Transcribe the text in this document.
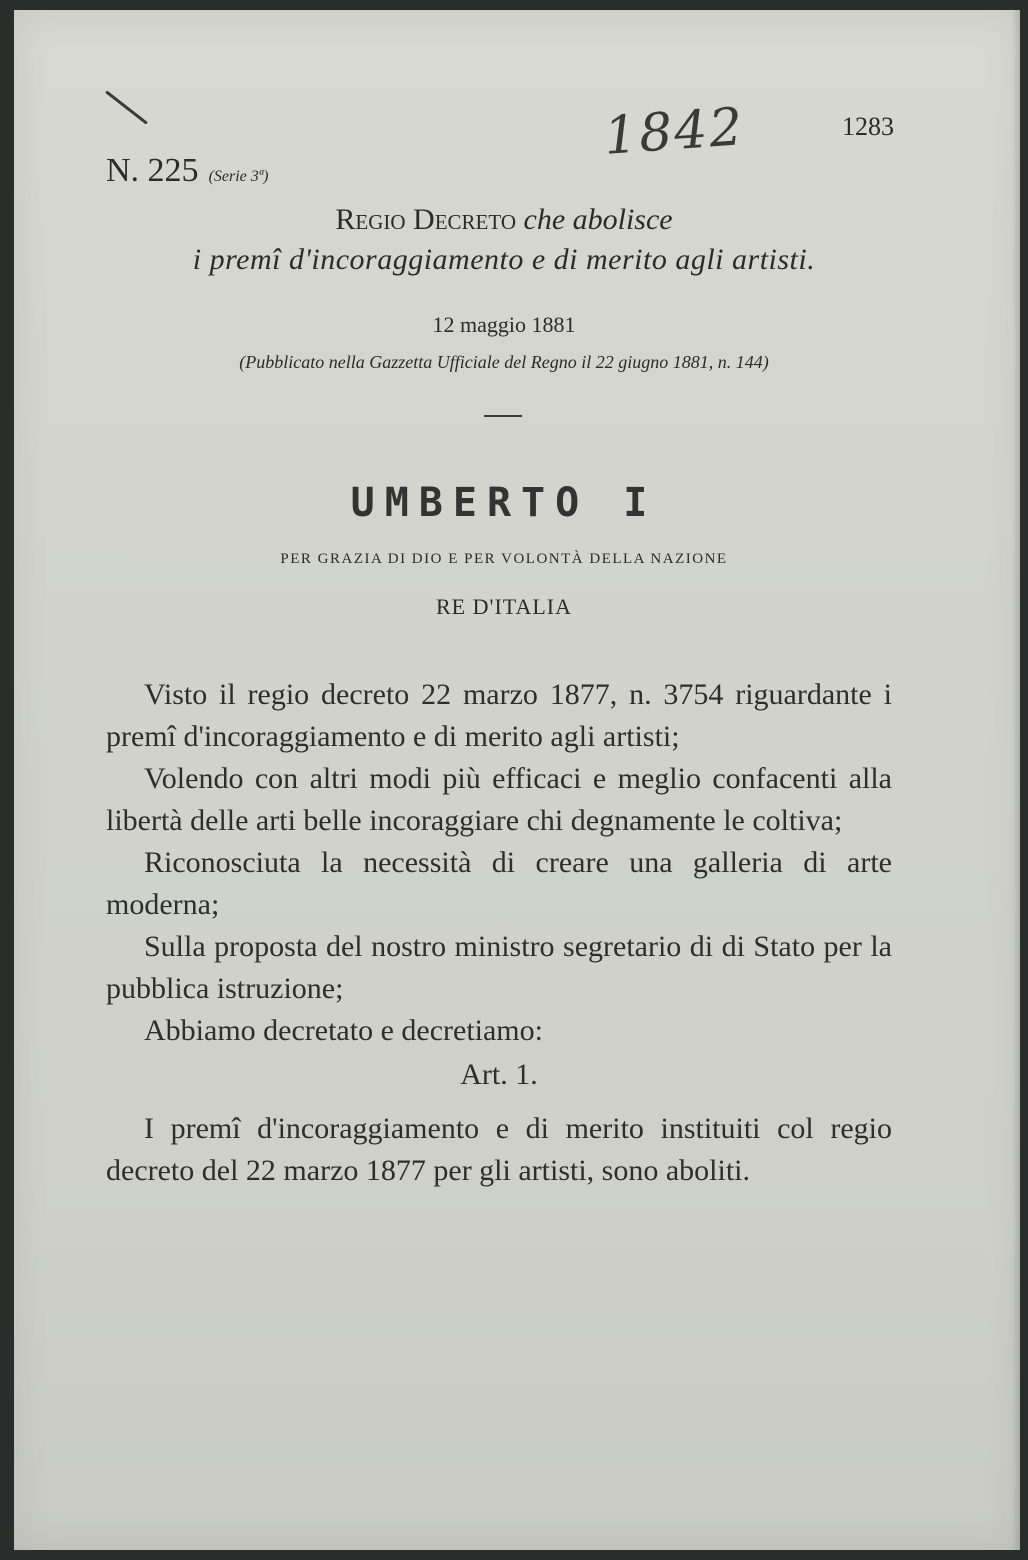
1842	1283

N. 225 (Serie 3ª)

Regio Decreto che abolisce

i premî d'incoraggiamento e di merito agli artisti.

12 maggio 1881

(Pubblicato nella Gazzetta Ufficiale del Regno il 22 giugno 1881, n. 144)

UMBERTO I

PER GRAZIA DI DIO E PER VOLONTÀ DELLA NAZIONE

RE D'ITALIA

Visto il regio decreto 22 marzo 1877, n. 3754 riguardante i premî d'incoraggiamento e di merito agli artisti;

Volendo con altri modi più efficaci e meglio confacenti alla libertà delle arti belle incoraggiare chi degnamente le coltiva;

Riconosciuta la necessità di creare una galleria di arte moderna;

Sulla proposta del nostro ministro segretario di di Stato per la pubblica istruzione;

Abbiamo decretato e decretiamo:

Art. 1.

I premî d'incoraggiamento e di merito instituiti col regio decreto del 22 marzo 1877 per gli artisti, sono aboliti.
